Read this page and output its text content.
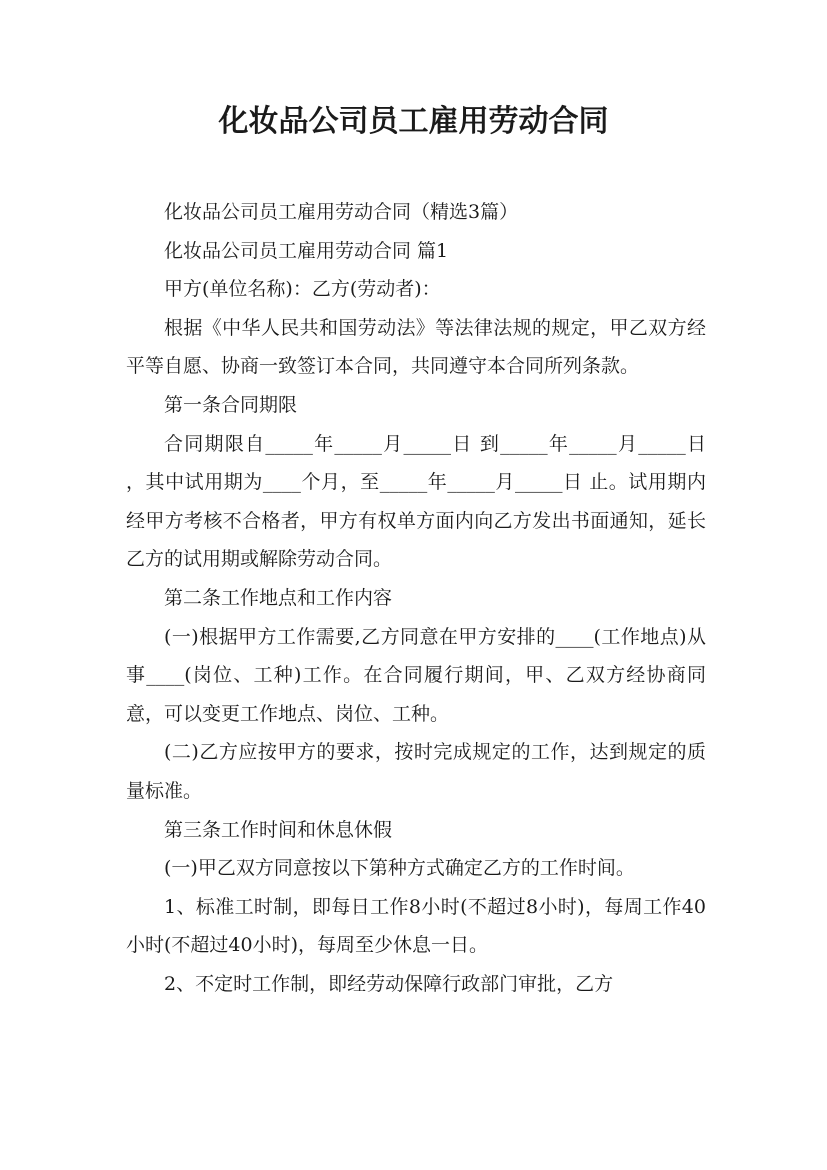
化妆品公司员工雇用劳动合同

化妆品公司员工雇用劳动合同（精选3篇）

化妆品公司员工雇用劳动合同 篇1

甲方(单位名称)：乙方(劳动者)：

根据《中华人民共和国劳动法》等法律法规的规定，甲乙双方经平等自愿、协商一致签订本合同，共同遵守本合同所列条款。

第一条合同期限

合同期限自_____年_____月_____日 到_____年_____月_____日 ，其中试用期为____个月，至_____年_____月_____日 止。试用期内经甲方考核不合格者，甲方有权单方面内向乙方发出书面通知，延长乙方的试用期或解除劳动合同。

第二条工作地点和工作内容

(一)根据甲方工作需要,乙方同意在甲方安排的____(工作地点)从事____(岗位、工种)工作。在合同履行期间，甲、乙双方经协商同意，可以变更工作地点、岗位、工种。

(二)乙方应按甲方的要求，按时完成规定的工作，达到规定的质量标准。

第三条工作时间和休息休假

(一)甲乙双方同意按以下第种方式确定乙方的工作时间。

1、标准工时制，即每日工作8小时(不超过8小时)，每周工作40小时(不超过40小时)，每周至少休息一日。

2、不定时工作制，即经劳动保障行政部门审批，乙方
